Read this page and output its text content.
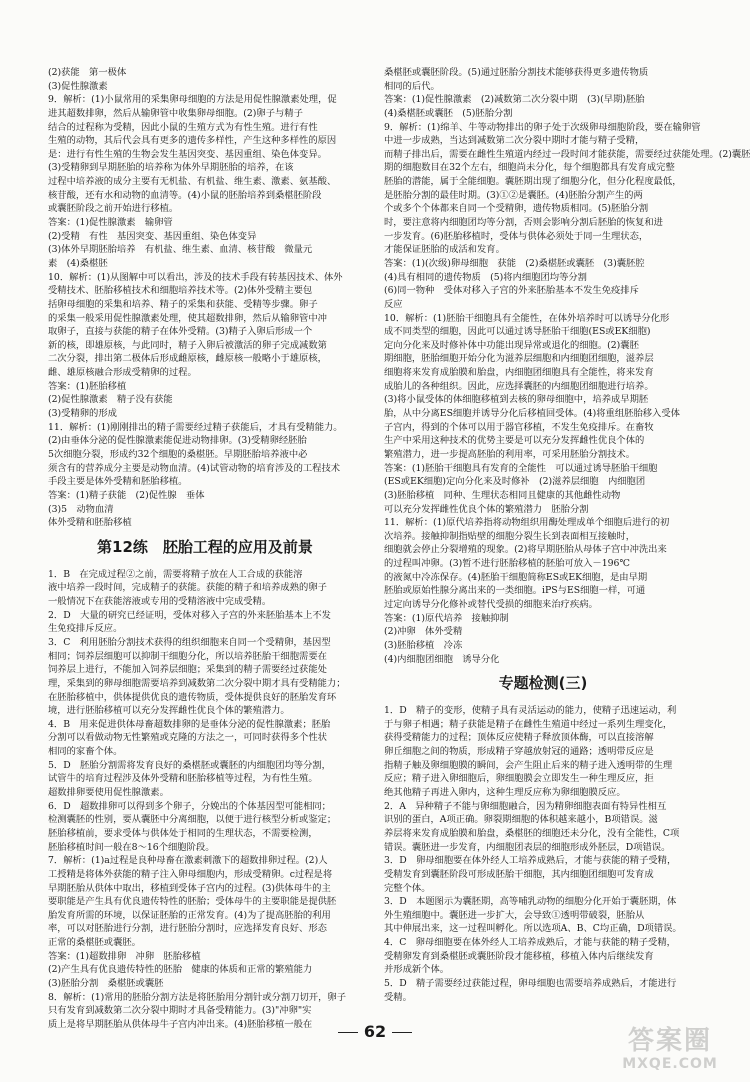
(2)获能　第一极体
(3)促性腺激素
9．解析：(1)小鼠常用的采集卵母细胞的方法是用促性腺激素处理，促
进其超数排卵，然后从输卵管中收集卵母细胞。(2)卵子与精子
结合的过程称为受精，因此小鼠的生殖方式为有性生殖。进行有性
生殖的动物，其后代会具有更多的遗传多样性，产生这种多样性的原因
是：进行有性生殖的生物会发生基因突变、基因重组、染色体变异。
(3)受精卵到早期胚胎的培养称为体外早期胚胎的培养，在该
过程中培养液的成分主要有无机盐、有机盐、维生素、激素、氨基酸、
核苷酸，还有水和动物的血清等。(4)小鼠的胚胎培养到桑椹胚阶段
或囊胚阶段之前开始进行移植。
答案：(1)促性腺激素　输卵管
(2)受精　有性　基因突变、基因重组、染色体变异
(3)体外早期胚胎培养　有机盐、维生素、血清、核苷酸　微量元
素　(4)桑椹胚
10．解析：(1)从图解中可以看出，涉及的技术手段有转基因技术、体外
受精技术、胚胎移植技术和细胞培养技术等。(2)体外受精主要包
括卵母细胞的采集和培养、精子的采集和获能、受精等步骤。卵子
的采集一般采用促性腺激素处理，使其超数排卵，然后从输卵管中冲
取卵子，直接与获能的精子在体外受精。(3)精子入卵后形成一个
新的核，即雄原核，与此同时，精子入卵后被激活的卵子完成减数第
二次分裂，排出第二极体后形成雌原核，雌原核一般略小于雄原核，
雌、雄原核融合形成受精卵的过程。
答案：(1)胚胎移植
(2)促性腺激素　精子没有获能
(3)受精卵的形成
11．解析：(1)刚刚排出的精子需要经过精子获能后，才具有受精能力。
(2)由垂体分泌的促性腺激素能促进动物排卵。(3)受精卵经胚胎
5次细胞分裂，形成约32个细胞的桑椹胚。早期胚胎培养液中必
须含有的营养成分主要是动物血清。(4)试管动物的培育涉及的工程技术
手段主要是体外受精和胚胎移植。
答案：(1)精子获能　(2)促性腺　垂体
(3)5　动物血清
体外受精和胚胎移植
第12练　胚胎工程的应用及前景
1．B　在完成过程②之前，需要将精子放在人工合成的获能溶
液中培养一段时间，完成精子的获能。获能的精子和培养成熟的卵子
一般情况下在获能溶液或专用的受精溶液中完成受精。
2．D　大量的研究已经证明，受体对移入子宫的外来胚胎基本上不发
生免疫排斥反应。
3．C　利用胚胎分割技术获得的组织细胞来自同一个受精卵，基因型
相同；饲养层细胞可以抑制干细胞分化，所以培养胚胎干细胞需要在
饲养层上进行，不能加入饲养层细胞；采集到的精子需要经过获能处
理，采集到的卵母细胞需要培养到减数第二次分裂中期才具有受精能力；
在胚胎移植中，供体提供优良的遗传物质，受体提供良好的胚胎发育环
境，进行胚胎移植可以充分发挥雌性优良个体的繁殖潜力。
4．B　用来促进供体母畜超数排卵的是垂体分泌的促性腺激素；胚胎
分割可以看做动物无性繁殖或克隆的方法之一，可同时获得多个性状
相同的家畜个体。
5．D　胚胎分割需将发育良好的桑椹胚或囊胚的内细胞团均等分割，
试管牛的培育过程涉及体外受精和胚胎移植等过程，为有性生殖。
超数排卵要使用促性腺激素。
6．D　超数排卵可以得到多个卵子，分娩出的个体基因型可能相同；
检测囊胚的性别，要从囊胚中分离细胞，以便于进行核型分析或鉴定；
胚胎移植前，要求受体与供体处于相同的生理状态，不需要检测，
胚胎移植时间一般在8～16个细胞阶段。
7．解析：(1)a过程是良种母畜在激素刺激下的超数排卵过程。(2)人
工授精是将体外获能的精子注入卵母细胞内，形成受精卵。c过程是将
早期胚胎从供体中取出，移植到受体子宫内的过程。(3)供体母牛的主
要职能是产生具有优良遗传特性的胚胎；受体母牛的主要职能是提供胚
胎发育所需的环境，以保证胚胎的正常发育。(4)为了提高胚胎的利用
率，可以对胚胎进行分割，进行胚胎分割时，应选择发育良好、形态
正常的桑椹胚或囊胚。
答案：(1)超数排卵　冲卵　胚胎移植
(2)产生具有优良遗传特性的胚胎　健康的体质和正常的繁殖能力
(3)胚胎分割　桑椹胚或囊胚
8．解析：(1)常用的胚胎分割方法是将胚胎用分割针或分割刀切开，卵子
只有发育到减数第二次分裂中期时才具备受精能力。(3)"冲卵"实
质上是将早期胚胎从供体母牛子宫内冲出来。(4)胚胎移植一般在
桑椹胚或囊胚阶段。(5)通过胚胎分割技术能够获得更多遗传物质
相同的后代。
答案：(1)促性腺激素　(2)减数第二次分裂中期　(3)(早期)胚胎
(4)桑椹胚或囊胚　(5)胚胎分割
9．解析：(1)绵羊、牛等动物排出的卵子处于次级卵母细胞阶段，要在输卵管
中进一步成熟，当达到减数第二次分裂中期时才能与精子受精，
而精子排出后，需要在雌性生殖道内经过一段时间才能获能，需要经过获能处理。(2)囊胚
期的细胞数目在32个左右，细胞尚未分化，每个细胞都具有发育成完整
胚胎的潜能，属于全能细胞。囊胚期出现了细胞分化，但分化程度最低，
是胚胎分割的最佳时期。(3)①②是囊胚。(4)胚胎分割产生的两
个或多个个体都来自同一个受精卵，遗传物质相同。(5)胚胎分割
时，要注意将内细胞团均等分割，否则会影响分割后胚胎的恢复和进
一步发育。(6)胚胎移植时，受体与供体必须处于同一生理状态，
才能保证胚胎的成活和发育。
答案：(1)(次级)卵母细胞　获能　(2)桑椹胚或囊胚　(3)囊胚腔
(4)具有相同的遗传物质　(5)将内细胞团均等分割
(6)同一物种　受体对移入子宫的外来胚胎基本不发生免疫排斥
反应
10．解析：(1)胚胎干细胞具有全能性，在体外培养时可以诱导分化形
成不同类型的细胞，因此可以通过诱导胚胎干细胞(ES或EK细胞)
定向分化来及时修补体中功能出现异常或退化的细胞。(2)囊胚
期细胞，胚胎细胞开始分化为滋养层细胞和内细胞团细胞，滋养层
细胞将来发育成胎膜和胎盘，内细胞团细胞具有全能性，将来发育
成胎儿的各种组织。因此，应选择囊胚的内细胞团细胞进行培养。
(3)将小鼠受体的体细胞移植到去核的卵母细胞中，培养成早期胚
胎，从中分离ES细胞并诱导分化后移植回受体。(4)将重组胚胎移入受体
子宫内，得到的个体可以用于器官移植，不发生免疫排斥。在畜牧
生产中采用这种技术的优势主要是可以充分发挥雌性优良个体的
繁殖潜力，进一步提高胚胎的利用率，可采用胚胎分割技术。
答案：(1)胚胎干细胞具有发育的全能性　可以通过诱导胚胎干细胞
(ES或EK细胞)定向分化来及时修补　(2)滋养层细胞　内细胞团
(3)胚胎移植　同种、生理状态相同且健康的其他雌性动物
可以充分发挥雌性优良个体的繁殖潜力　胚胎分割
11．解析：(1)原代培养指将动物组织用酶处理成单个细胞后进行的初
次培养。接触抑制指贴壁的细胞分裂生长到表面相互接触时，
细胞就会停止分裂增殖的现象。(2)将早期胚胎从母体子宫中冲洗出来
的过程叫冲卵。(3)暂不进行胚胎移植的胚胎可放入－196℃
的液氮中冷冻保存。(4)胚胎干细胞简称ES或EK细胞，是由早期
胚胎或原始性腺分离出来的一类细胞。iPS与ES细胞一样，可通
过定向诱导分化修补或替代受损的细胞来治疗疾病。
答案：(1)原代培养　接触抑制
(2)冲卵　体外受精
(3)胚胎移植　冷冻
(4)内细胞团细胞　诱导分化
专题检测(三)
1．D　精子的变形，使精子具有灵活运动的能力，使精子迅速运动，利
于与卵子相遇；精子获能是精子在雌性生殖道中经过一系列生理变化，
获得受精能力的过程；顶体反应使精子释放顶体酶，可以直接溶解
卵丘细胞之间的物质，形成精子穿越放射冠的通路；透明带反应是
指精子触及卵细胞膜的瞬间，会产生阻止后来的精子进入透明带的生理
反应；精子进入卵细胞后，卵细胞膜会立即发生一种生理反应，拒
绝其他精子再进入卵内，这种生理反应称为卵细胞膜反应。
2．A　异种精子不能与卵细胞融合，因为精卵细胞表面有特异性相互
识别的蛋白，A项正确。卵裂期细胞的体积越来越小，B项错误。滋
养层将来发育成胎膜和胎盘，桑椹胚的细胞还未分化，没有全能性，C项
错误。囊胚进一步发育，内细胞团表层的细胞形成外胚层，D项错误。
3．D　卵母细胞要在体外经人工培养成熟后，才能与获能的精子受精，
受精发育到囊胚阶段可形成胚胎干细胞，其内细胞团细胞可发育成
完整个体。
3．D　本题图示为囊胚期，高等哺乳动物的细胞分化开始于囊胚期，体
外生殖细胞中。囊胚进一步扩大，会导致①透明带破裂，胚胎从
其中伸展出来，这一过程叫孵化。所以选项A、B、C均正确，D项错误。
4．C　卵母细胞要在体外经人工培养成熟后，才能与获能的精子受精，
受精卵发育到桑椹胚或囊胚阶段才能移植，移植入体内后继续发育
并形成新个体。
5．D　精子需要经过获能过程，卵母细胞也需要培养成熟后，才能进行
受精。
62	答案圈
MXQE.COM
